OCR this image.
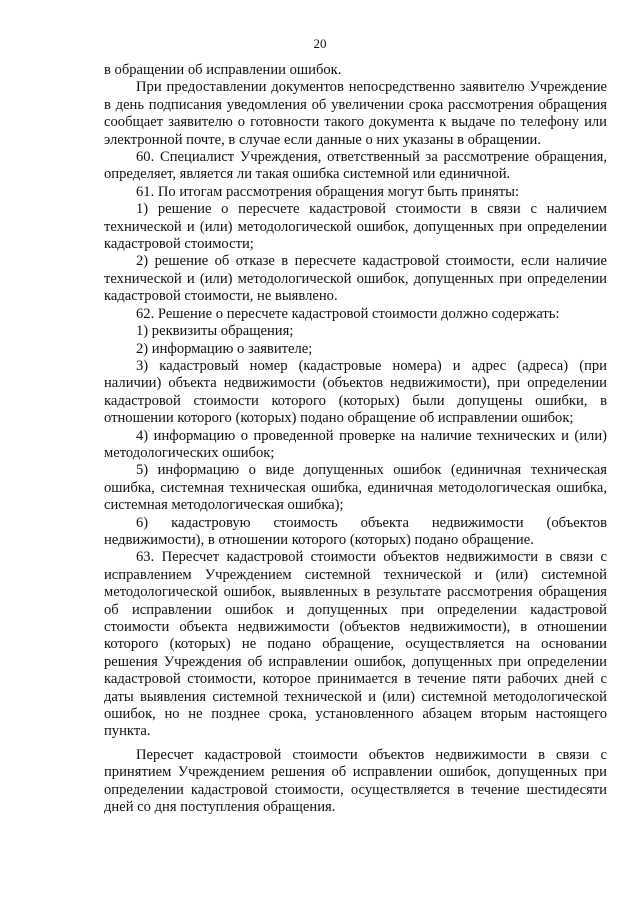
20

в обращении об исправлении ошибок.

При предоставлении документов непосредственно заявителю Учреждение в день подписания уведомления об увеличении срока рассмотрения обращения сообщает заявителю о готовности такого документа к выдаче по телефону или электронной почте, в случае если данные о них указаны в обращении.

60. Специалист Учреждения, ответственный за рассмотрение обращения, определяет, является ли такая ошибка системной или единичной.

61. По итогам рассмотрения обращения могут быть приняты:

1) решение о пересчете кадастровой стоимости в связи с наличием технической и (или) методологической ошибок, допущенных при определении кадастровой стоимости;

2) решение об отказе в пересчете кадастровой стоимости, если наличие технической и (или) методологической ошибок, допущенных при определении кадастровой стоимости, не выявлено.

62. Решение о пересчете кадастровой стоимости должно содержать:

1) реквизиты обращения;

2) информацию о заявителе;

3) кадастровый номер (кадастровые номера) и адрес (адреса) (при наличии) объекта недвижимости (объектов недвижимости), при определении кадастровой стоимости которого (которых) были допущены ошибки, в отношении которого (которых) подано обращение об исправлении ошибок;

4) информацию о проведенной проверке на наличие технических и (или) методологических ошибок;

5) информацию о виде допущенных ошибок (единичная техническая ошибка, системная техническая ошибка, единичная методологическая ошибка, системная методологическая ошибка);

6) кадастровую стоимость объекта недвижимости (объектов недвижимости), в отношении которого (которых) подано обращение.

63. Пересчет кадастровой стоимости объектов недвижимости в связи с исправлением Учреждением системной технической и (или) системной методологической ошибок, выявленных в результате рассмотрения обращения об исправлении ошибок и допущенных при определении кадастровой стоимости объекта недвижимости (объектов недвижимости), в отношении которого (которых) не подано обращение, осуществляется на основании решения Учреждения об исправлении ошибок, допущенных при определении кадастровой стоимости, которое принимается в течение пяти рабочих дней с даты выявления системной технической и (или) системной методологической ошибок, но не позднее срока, установленного абзацем вторым настоящего пункта.

Пересчет кадастровой стоимости объектов недвижимости в связи с принятием Учреждением решения об исправлении ошибок, допущенных при определении кадастровой стоимости, осуществляется в течение шестидесяти дней со дня поступления обращения.
